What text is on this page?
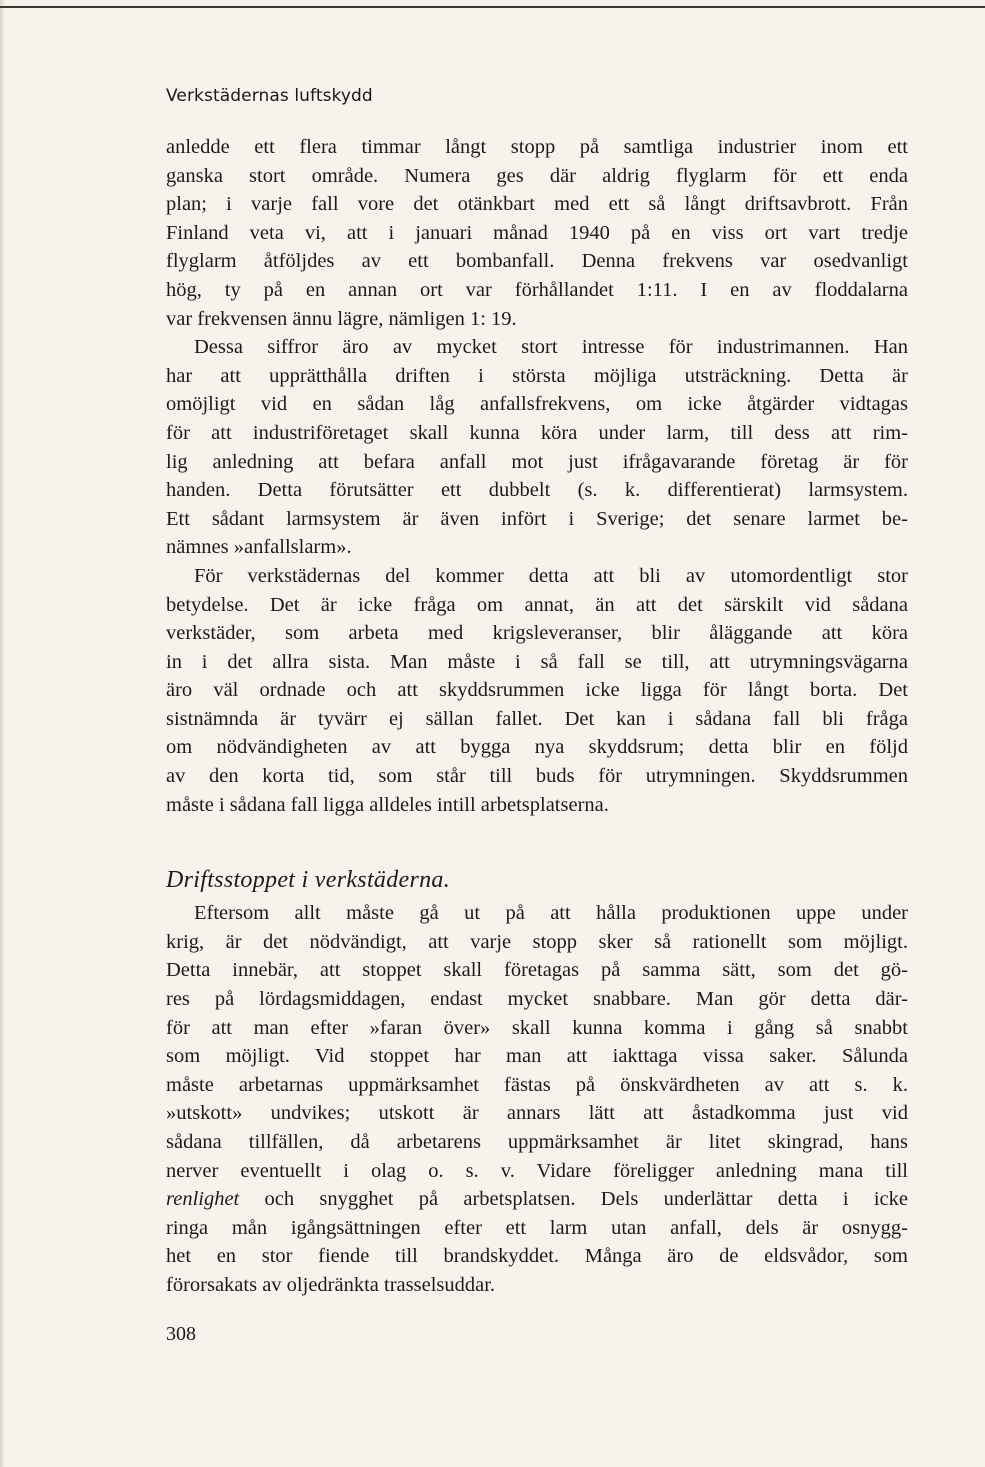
Verkstädernas luftskydd
anledde ett flera timmar långt stopp på samtliga industrier inom ett
ganska stort område. Numera ges där aldrig flyglarm för ett enda
plan; i varje fall vore det otänkbart med ett så långt driftsavbrott. Från
Finland veta vi, att i januari månad 1940 på en viss ort vart tredje
flyglarm åtföljdes av ett bombanfall. Denna frekvens var osedvanligt
hög, ty på en annan ort var förhållandet 1:11. I en av floddalarna
var frekvensen ännu lägre, nämligen 1: 19.
Dessa siffror äro av mycket stort intresse för industrimannen. Han
har att upprätthålla driften i största möjliga utsträckning. Detta är
omöjligt vid en sådan låg anfallsfrekvens, om icke åtgärder vidtagas
för att industriföretaget skall kunna köra under larm, till dess att rim-
lig anledning att befara anfall mot just ifrågavarande företag är för
handen. Detta förutsätter ett dubbelt (s. k. differentierat) larmsystem.
Ett sådant larmsystem är även infört i Sverige; det senare larmet be-
nämnes »anfallslarm».
För verkstädernas del kommer detta att bli av utomordentligt stor
betydelse. Det är icke fråga om annat, än att det särskilt vid sådana
verkstäder, som arbeta med krigsleveranser, blir åläggande att köra
in i det allra sista. Man måste i så fall se till, att utrymningsvägarna
äro väl ordnade och att skyddsrummen icke ligga för långt borta. Det
sistnämnda är tyvärr ej sällan fallet. Det kan i sådana fall bli fråga
om nödvändigheten av att bygga nya skyddsrum; detta blir en följd
av den korta tid, som står till buds för utrymningen. Skyddsrummen
måste i sådana fall ligga alldeles intill arbetsplatserna.
Driftsstoppet i verkstäderna.
Eftersom allt måste gå ut på att hålla produktionen uppe under
krig, är det nödvändigt, att varje stopp sker så rationellt som möjligt.
Detta innebär, att stoppet skall företagas på samma sätt, som det gö-
res på lördagsmiddagen, endast mycket snabbare. Man gör detta där-
för att man efter »faran över» skall kunna komma i gång så snabbt
som möjligt. Vid stoppet har man att iakttaga vissa saker. Sålunda
måste arbetarnas uppmärksamhet fästas på önskvärdheten av att s. k.
»utskott» undvikes; utskott är annars lätt att åstadkomma just vid
sådana tillfällen, då arbetarens uppmärksamhet är litet skingrad, hans
nerver eventuellt i olag o. s. v. Vidare föreligger anledning mana till
renlighet och snygghet på arbetsplatsen. Dels underlättar detta i icke
ringa mån igångsättningen efter ett larm utan anfall, dels är osnygg-
het en stor fiende till brandskyddet. Många äro de eldsvådor, som
förorsakats av oljedränkta trasselsuddar.
308
